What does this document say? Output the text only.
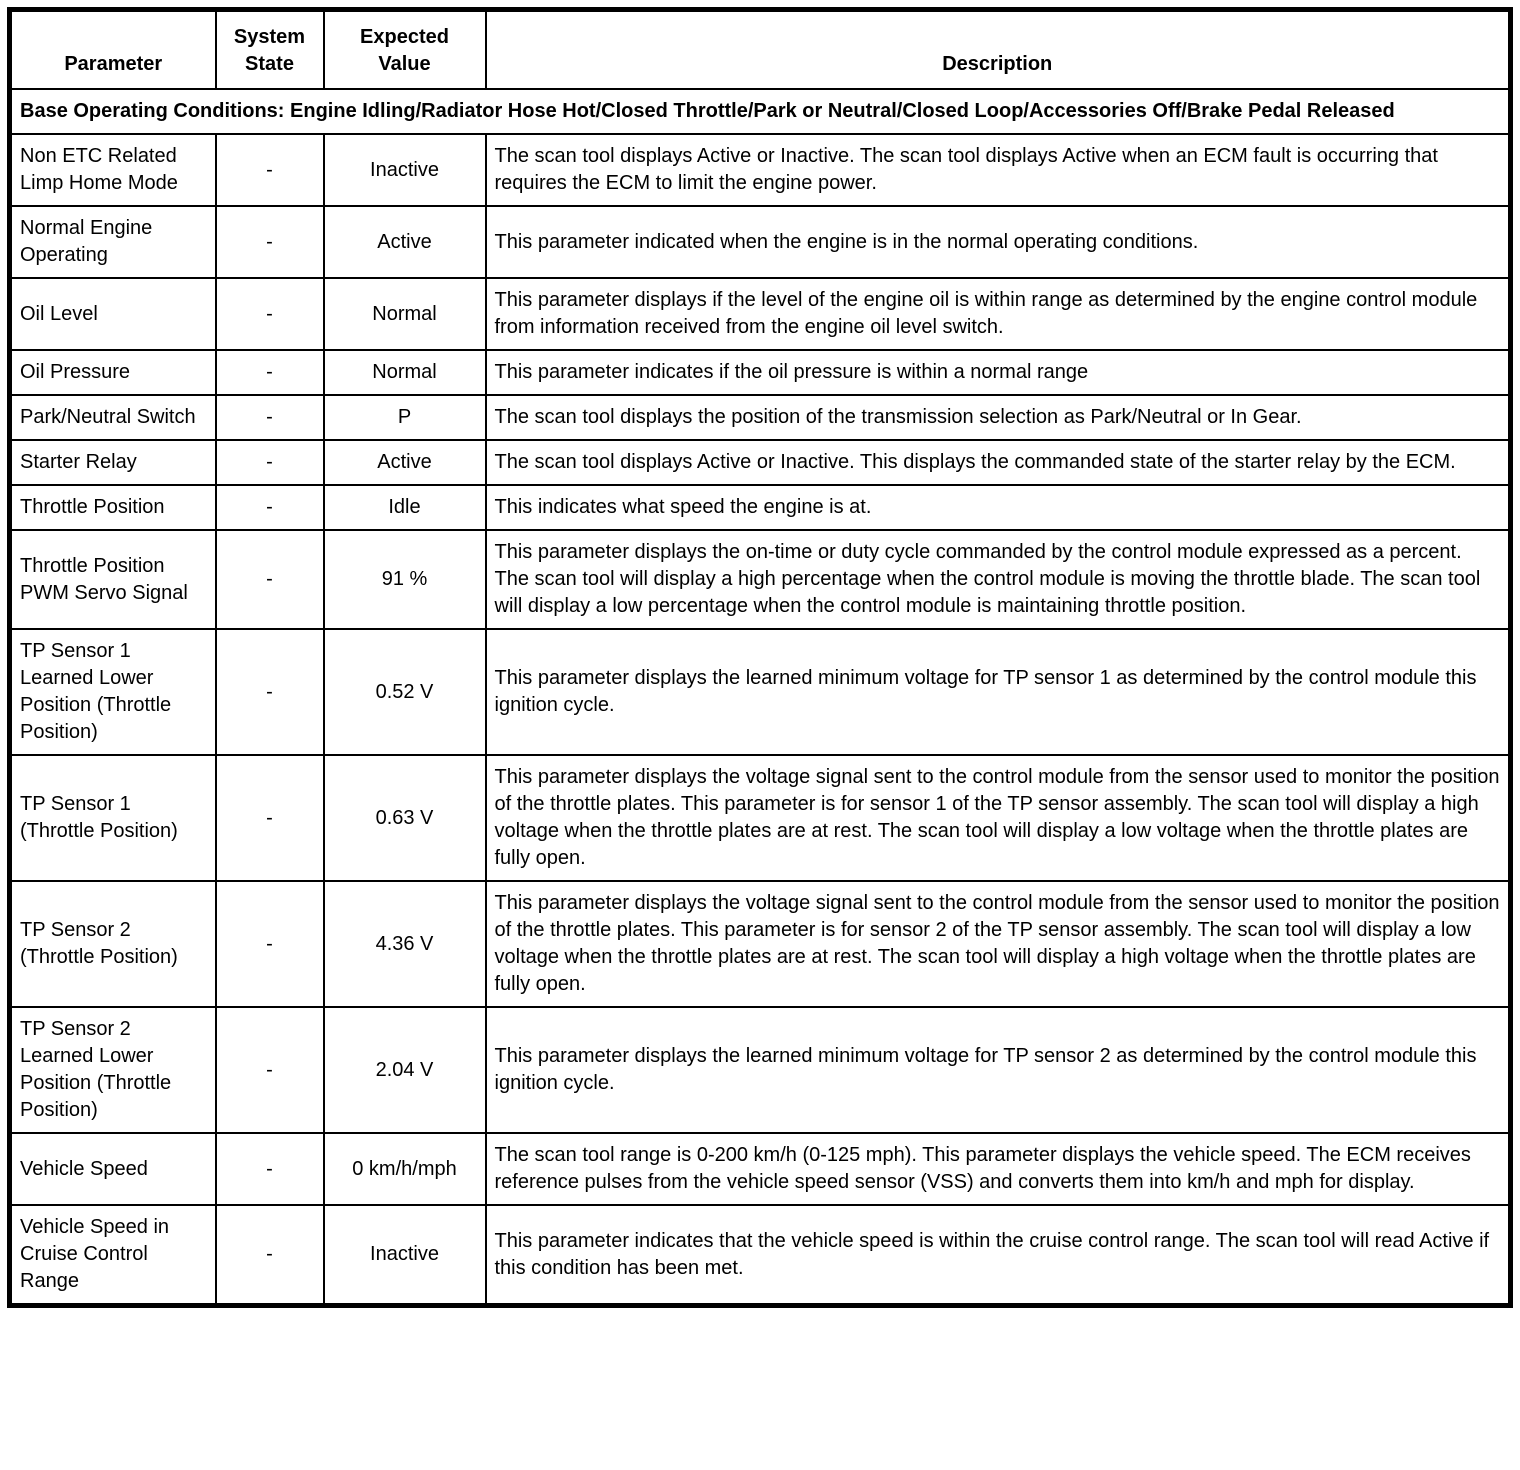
Parameter	System State	Expected Value	Description
Base Operating Conditions: Engine Idling/Radiator Hose Hot/Closed Throttle/Park or Neutral/Closed Loop/Accessories Off/Brake Pedal Released			
Non ETC Related Limp Home Mode	-	Inactive	The scan tool displays Active or Inactive. The scan tool displays Active when an ECM fault is occurring that requires the ECM to limit the engine power.
Normal Engine Operating	-	Active	This parameter indicated when the engine is in the normal operating conditions.
Oil Level	-	Normal	This parameter displays if the level of the engine oil is within range as determined by the engine control module from information received from the engine oil level switch.
Oil Pressure	-	Normal	This parameter indicates if the oil pressure is within a normal range
Park/Neutral Switch	-	P	The scan tool displays the position of the transmission selection as Park/Neutral or In Gear.
Starter Relay	-	Active	The scan tool displays Active or Inactive. This displays the commanded state of the starter relay by the ECM.
Throttle Position	-	Idle	This indicates what speed the engine is at.
Throttle Position PWM Servo Signal	-	91 %	This parameter displays the on-time or duty cycle commanded by the control module expressed as a percent. The scan tool will display a high percentage when the control module is moving the throttle blade. The scan tool will display a low percentage when the control module is maintaining throttle position.
TP Sensor 1 Learned Lower Position (Throttle Position)	-	0.52 V	This parameter displays the learned minimum voltage for TP sensor 1 as determined by the control module this ignition cycle.
TP Sensor 1 (Throttle Position)	-	0.63 V	This parameter displays the voltage signal sent to the control module from the sensor used to monitor the position of the throttle plates. This parameter is for sensor 1 of the TP sensor assembly. The scan tool will display a high voltage when the throttle plates are at rest. The scan tool will display a low voltage when the throttle plates are fully open.
TP Sensor 2 (Throttle Position)	-	4.36 V	This parameter displays the voltage signal sent to the control module from the sensor used to monitor the position of the throttle plates. This parameter is for sensor 2 of the TP sensor assembly. The scan tool will display a low voltage when the throttle plates are at rest. The scan tool will display a high voltage when the throttle plates are fully open.
TP Sensor 2 Learned Lower Position (Throttle Position)	-	2.04 V	This parameter displays the learned minimum voltage for TP sensor 2 as determined by the control module this ignition cycle.
Vehicle Speed	-	0 km/h/mph	The scan tool range is 0-200 km/h (0-125 mph). This parameter displays the vehicle speed. The ECM receives reference pulses from the vehicle speed sensor (VSS) and converts them into km/h and mph for display.
Vehicle Speed in Cruise Control Range	-	Inactive	This parameter indicates that the vehicle speed is within the cruise control range. The scan tool will read Active if this condition has been met.
